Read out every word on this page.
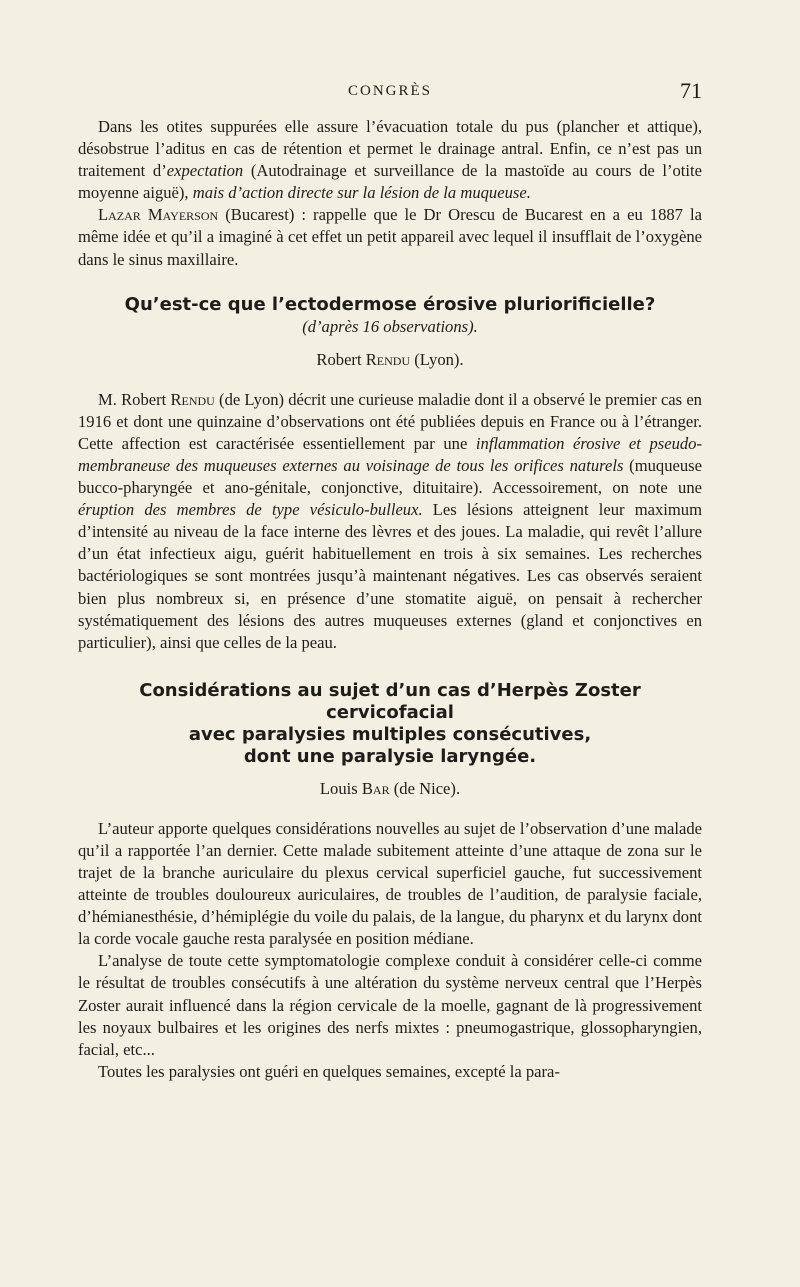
CONGRÈS	71

Dans les otites suppurées elle assure l’évacuation totale du pus (plancher et attique), désobstrue l’aditus en cas de rétention et permet le drainage antral. Enfin, ce n’est pas un traitement d’expectation (Autodrainage et surveillance de la mastoïde au cours de l’otite moyenne aiguë), mais d’action directe sur la lésion de la muqueuse.

Lazar Mayerson (Bucarest) : rappelle que le Dr Orescu de Bucarest en a eu 1887 la même idée et qu’il a imaginé à cet effet un petit appareil avec lequel il insufflait de l’oxygène dans le sinus maxillaire.

Qu’est-ce que l’ectodermose érosive pluriorificielle?
(d’après 16 observations).
Robert Rendu (Lyon).

M. Robert Rendu (de Lyon) décrit une curieuse maladie dont il a observé le premier cas en 1916 et dont une quinzaine d’observations ont été publiées depuis en France ou à l’étranger. Cette affection est caractérisée essentiellement par une inflammation érosive et pseudo-membraneuse des muqueuses externes au voisinage de tous les orifices naturels (muqueuse bucco-pharyngée et ano-génitale, conjonctive, dituitaire). Accessoirement, on note une éruption des membres de type vésiculo-bulleux. Les lésions atteignent leur maximum d’intensité au niveau de la face interne des lèvres et des joues. La maladie, qui revêt l’allure d’un état infectieux aigu, guérit habituellement en trois à six semaines. Les recherches bactériologiques se sont montrées jusqu’à maintenant négatives. Les cas observés seraient bien plus nombreux si, en présence d’une stomatite aiguë, on pensait à rechercher systématiquement des lésions des autres muqueuses externes (gland et conjonctives en particulier), ainsi que celles de la peau.

Considérations au sujet d’un cas d’Herpès Zoster cervicofacial
avec paralysies multiples consécutives,
dont une paralysie laryngée.
Louis Bar (de Nice).

L’auteur apporte quelques considérations nouvelles au sujet de l’observation d’une malade qu’il a rapportée l’an dernier. Cette malade subitement atteinte d’une attaque de zona sur le trajet de la branche auriculaire du plexus cervical superficiel gauche, fut successivement atteinte de troubles douloureux auriculaires, de troubles de l’audition, de paralysie faciale, d’hémianesthésie, d’hémiplégie du voile du palais, de la langue, du pharynx et du larynx dont la corde vocale gauche resta paralysée en position médiane.

L’analyse de toute cette symptomatologie complexe conduit à considérer celle-ci comme le résultat de troubles consécutifs à une altération du système nerveux central que l’Herpès Zoster aurait influencé dans la région cervicale de la moelle, gagnant de là progressivement les noyaux bulbaires et les origines des nerfs mixtes : pneumogastrique, glossopharyngien, facial, etc...

Toutes les paralysies ont guéri en quelques semaines, excepté la para-
